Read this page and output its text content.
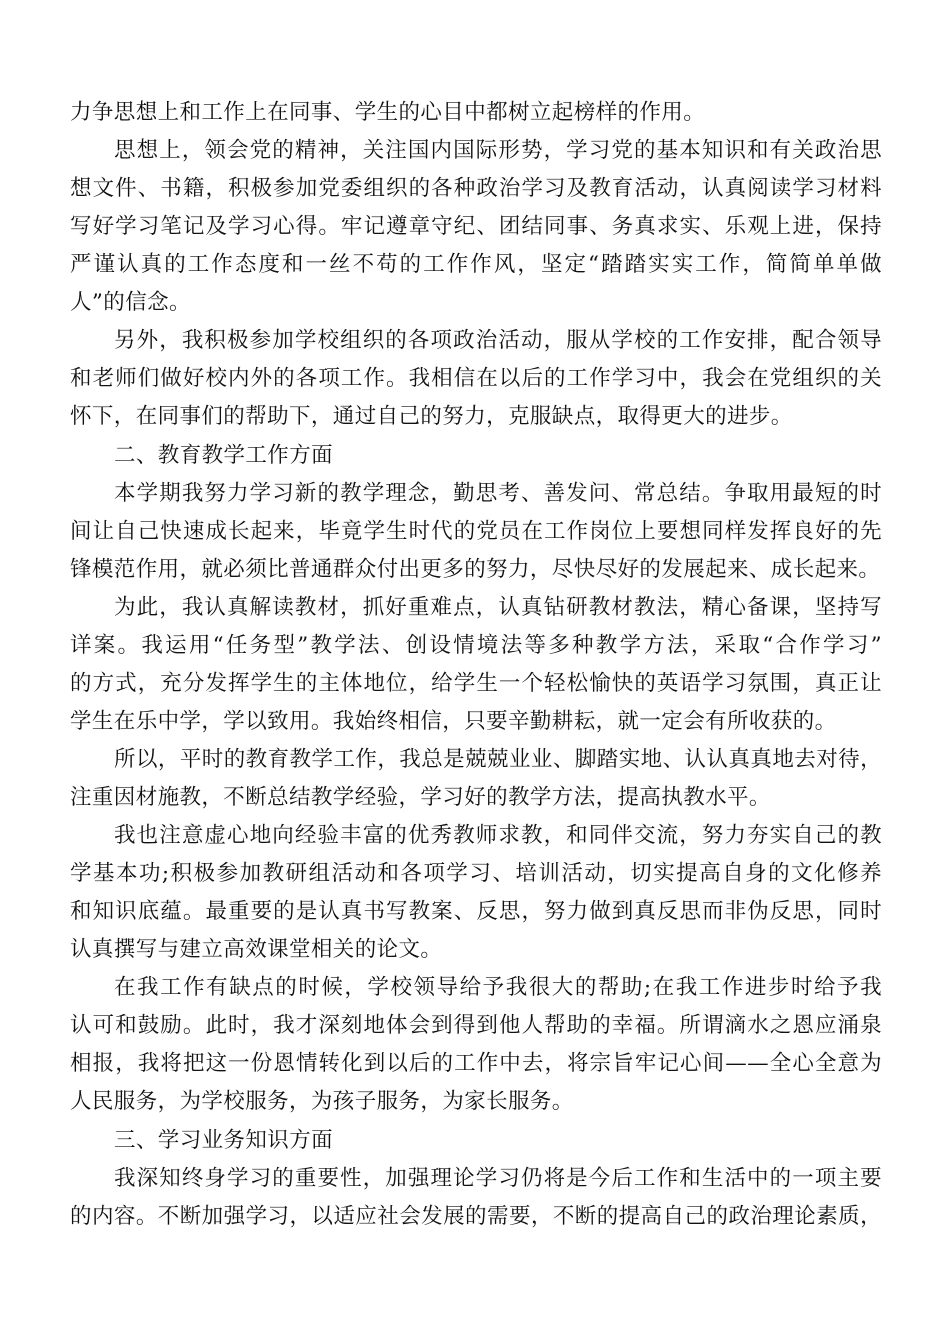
力争思想上和工作上在同事、学生的心目中都树立起榜样的作用。
思想上，领会党的精神，关注国内国际形势，学习党的基本知识和有关政治思
想文件、书籍，积极参加党委组织的各种政治学习及教育活动，认真阅读学习材料
写好学习笔记及学习心得。牢记遵章守纪、团结同事、务真求实、乐观上进，保持
严谨认真的工作态度和一丝不苟的工作作风，坚定“踏踏实实工作，简简单单做
人”的信念。
另外，我积极参加学校组织的各项政治活动，服从学校的工作安排，配合领导
和老师们做好校内外的各项工作。我相信在以后的工作学习中，我会在党组织的关
怀下，在同事们的帮助下，通过自己的努力，克服缺点，取得更大的进步。
二、教育教学工作方面
本学期我努力学习新的教学理念，勤思考、善发问、常总结。争取用最短的时
间让自己快速成长起来，毕竟学生时代的党员在工作岗位上要想同样发挥良好的先
锋模范作用，就必须比普通群众付出更多的努力，尽快尽好的发展起来、成长起来。
为此，我认真解读教材，抓好重难点，认真钻研教材教法，精心备课，坚持写
详案。我运用“任务型”教学法、创设情境法等多种教学方法，采取“合作学习”
的方式，充分发挥学生的主体地位，给学生一个轻松愉快的英语学习氛围，真正让
学生在乐中学，学以致用。我始终相信，只要辛勤耕耘，就一定会有所收获的。
所以，平时的教育教学工作，我总是兢兢业业、脚踏实地、认认真真地去对待，
注重因材施教，不断总结教学经验，学习好的教学方法，提高执教水平。
我也注意虚心地向经验丰富的优秀教师求教，和同伴交流，努力夯实自己的教
学基本功;积极参加教研组活动和各项学习、培训活动，切实提高自身的文化修养
和知识底蕴。最重要的是认真书写教案、反思，努力做到真反思而非伪反思，同时
认真撰写与建立高效课堂相关的论文。
在我工作有缺点的时候，学校领导给予我很大的帮助;在我工作进步时给予我
认可和鼓励。此时，我才深刻地体会到得到他人帮助的幸福。所谓滴水之恩应涌泉
相报，我将把这一份恩情转化到以后的工作中去，将宗旨牢记心间——全心全意为
人民服务，为学校服务，为孩子服务，为家长服务。
三、学习业务知识方面
我深知终身学习的重要性，加强理论学习仍将是今后工作和生活中的一项主要
的内容。不断加强学习，以适应社会发展的需要，不断的提高自己的政治理论素质，
